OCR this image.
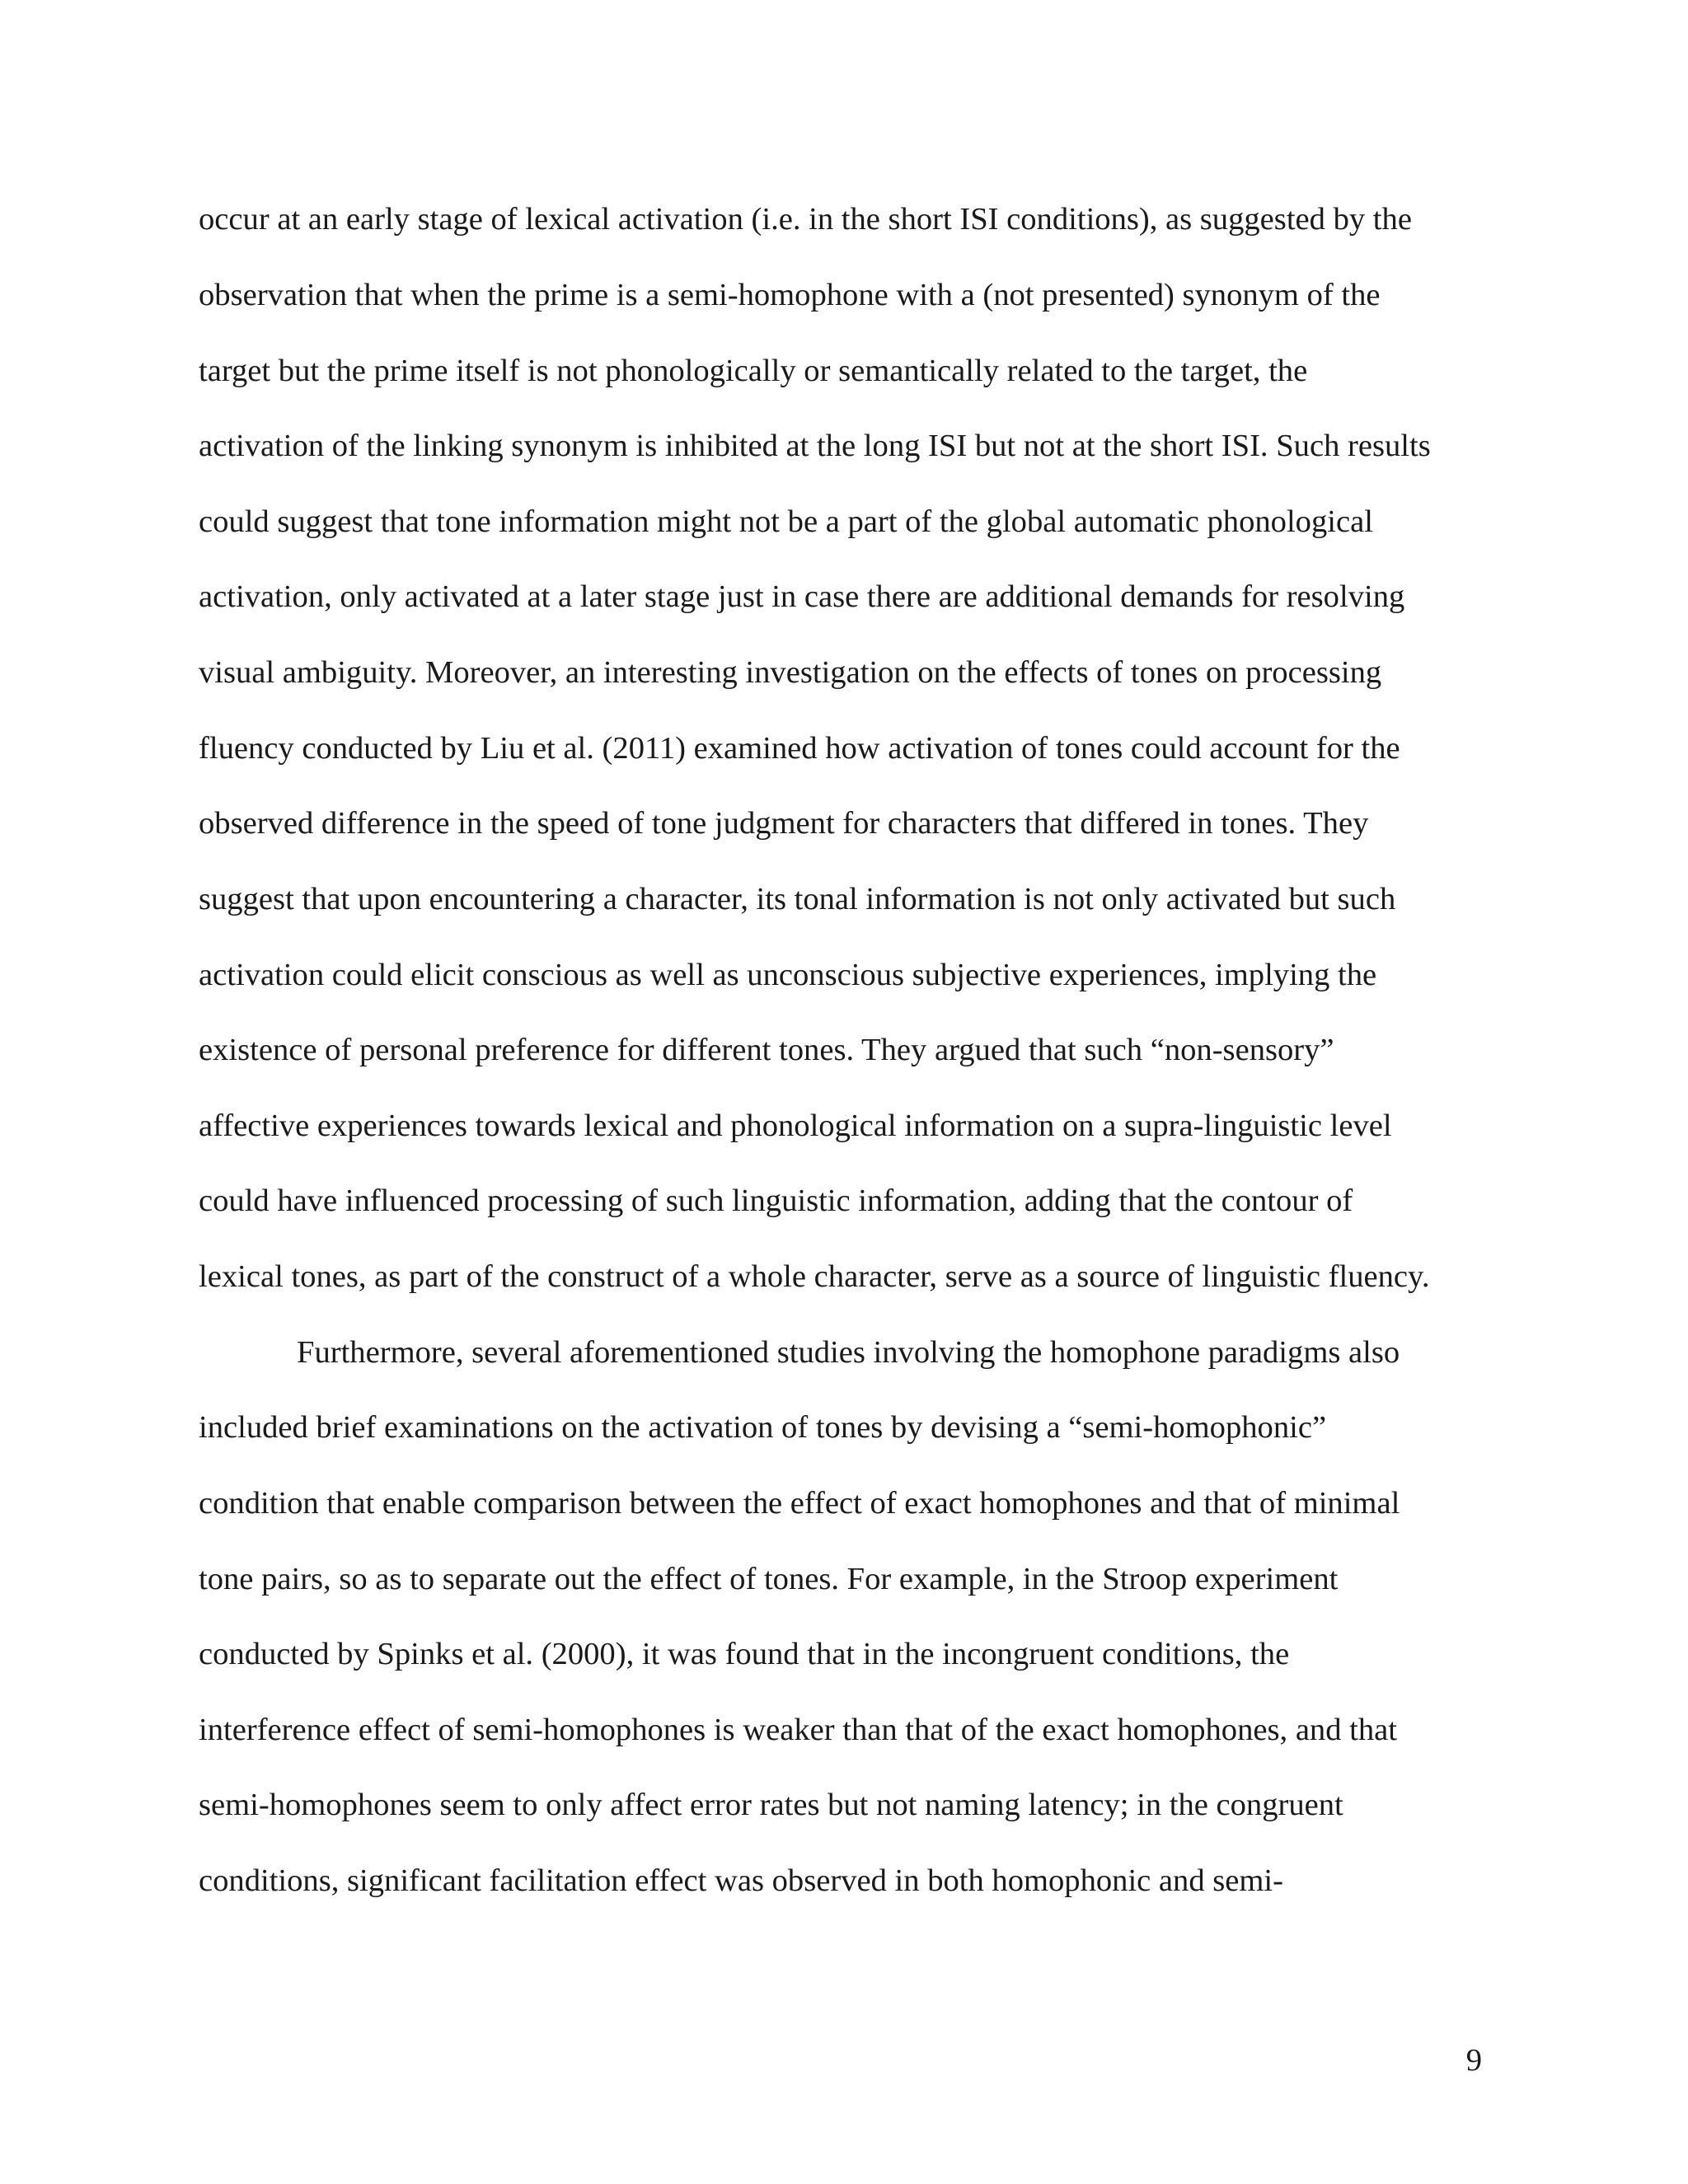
occur at an early stage of lexical activation (i.e. in the short ISI conditions), as suggested by the

observation that when the prime is a semi-homophone with a (not presented) synonym of the

target but the prime itself is not phonologically or semantically related to the target, the

activation of the linking synonym is inhibited at the long ISI but not at the short ISI. Such results

could suggest that tone information might not be a part of the global automatic phonological

activation, only activated at a later stage just in case there are additional demands for resolving

visual ambiguity. Moreover, an interesting investigation on the effects of tones on processing

fluency conducted by Liu et al. (2011) examined how activation of tones could account for the

observed difference in the speed of tone judgment for characters that differed in tones. They

suggest that upon encountering a character, its tonal information is not only activated but such

activation could elicit conscious as well as unconscious subjective experiences, implying the

existence of personal preference for different tones. They argued that such “non-sensory”

affective experiences towards lexical and phonological information on a supra-linguistic level

could have influenced processing of such linguistic information, adding that the contour of

lexical tones, as part of the construct of a whole character, serve as a source of linguistic fluency.

Furthermore, several aforementioned studies involving the homophone paradigms also

included brief examinations on the activation of tones by devising a “semi-homophonic”

condition that enable comparison between the effect of exact homophones and that of minimal

tone pairs, so as to separate out the effect of tones. For example, in the Stroop experiment

conducted by Spinks et al. (2000), it was found that in the incongruent conditions, the

interference effect of semi-homophones is weaker than that of the exact homophones, and that

semi-homophones seem to only affect error rates but not naming latency; in the congruent

conditions, significant facilitation effect was observed in both homophonic and semi-

9
